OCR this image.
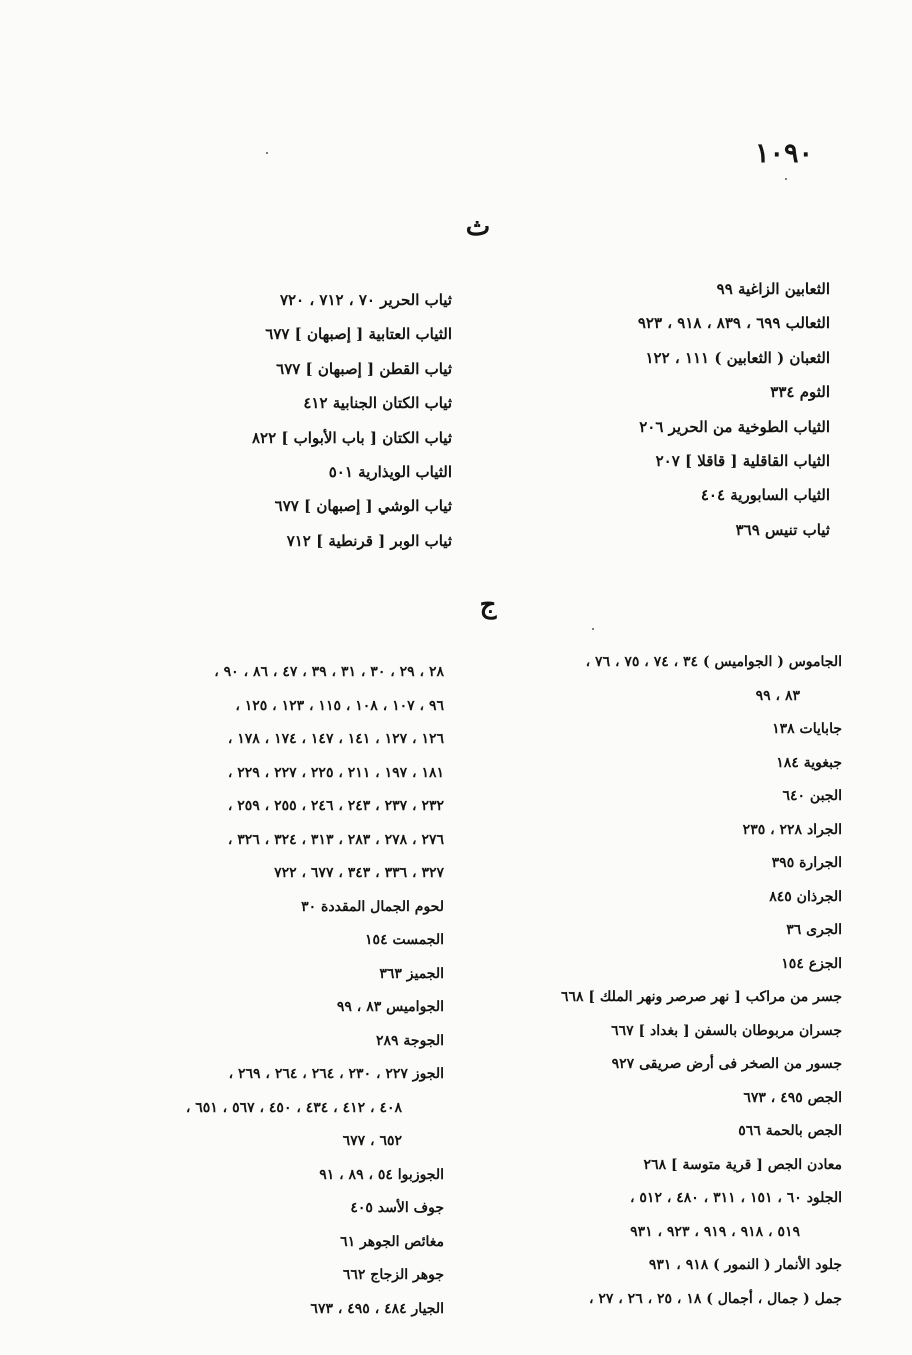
١٠٩٠
ث
الثعابين الزاغية ٩٩
الثعالب ٦٩٩ ، ٨٣٩ ، ٩١٨ ، ٩٢٣
الثعبان ( الثعابين ) ١١١ ، ١٢٢
الثوم ٣٣٤
الثياب الطوخية من الحرير ٢٠٦
الثياب القاقلية [ قاقلا ] ٢٠٧
الثياب السابورية ٤٠٤
ثياب تنيس ٣٦٩
ثياب الحرير ٧٠ ، ٧١٢ ، ٧٢٠
الثياب العتابية [ إصبهان ] ٦٧٧
ثياب القطن [ إصبهان ] ٦٧٧
ثياب الكتان الجنابية ٤١٢
ثياب الكتان [ باب الأبواب ] ٨٢٢
الثياب الويذارية ٥٠١
ثياب الوشي [ إصبهان ] ٦٧٧
ثياب الوبر [ قرنطية ] ٧١٢
ج
الجاموس ( الجواميس ) ٣٤ ، ٧٤ ، ٧٥ ، ٧٦ ،
٨٣ ، ٩٩
جابايات ١٣٨
جبغوية ١٨٤
الجبن ٦٤٠
الجراد ٢٢٨ ، ٢٣٥
الجرارة ٣٩٥
الجرذان ٨٤٥
الجرى ٣٦
الجزع ١٥٤
جسر من مراكب [ نهر صرصر ونهر الملك ] ٦٦٨
جسران مربوطان بالسفن [ بغداد ] ٦٦٧
جسور من الصخر فى أرض صريقى ٩٢٧
الجص ٤٩٥ ، ٦٧٣
الجص بالحمة ٥٦٦
معادن الجص [ قرية متوسة ] ٢٦٨
الجلود ٦٠ ، ١٥١ ، ٣١١ ، ٤٨٠ ، ٥١٢ ،
٥١٩ ، ٩١٨ ، ٩١٩ ، ٩٢٣ ، ٩٣١
جلود الأنمار ( النمور ) ٩١٨ ، ٩٣١
جمل ( جمال ، أجمال ) ١٨ ، ٢٥ ، ٢٦ ، ٢٧ ،
٢٨ ، ٢٩ ، ٣٠ ، ٣١ ، ٣٩ ، ٤٧ ، ٨٦ ، ٩٠ ،
٩٦ ، ١٠٧ ، ١٠٨ ، ١١٥ ، ١٢٣ ، ١٢٥ ،
١٢٦ ، ١٢٧ ، ١٤١ ، ١٤٧ ، ١٧٤ ، ١٧٨ ،
١٨١ ، ١٩٧ ، ٢١١ ، ٢٢٥ ، ٢٢٧ ، ٢٢٩ ،
٢٣٢ ، ٢٣٧ ، ٢٤٣ ، ٢٤٦ ، ٢٥٥ ، ٢٥٩ ،
٢٧٦ ، ٢٧٨ ، ٢٨٣ ، ٣١٣ ، ٣٢٤ ، ٣٢٦ ،
٣٢٧ ، ٣٣٦ ، ٣٤٣ ، ٦٧٧ ، ٧٢٢
لحوم الجمال المقددة ٣٠
الجمست ١٥٤
الجميز ٣٦٣
الجواميس ٨٣ ، ٩٩
الجوجة ٢٨٩
الجوز ٢٢٧ ، ٢٣٠ ، ٢٦٤ ، ٢٦٤ ، ٢٦٩ ،
٤٠٨ ، ٤١٢ ، ٤٣٤ ، ٤٥٠ ، ٥٦٧ ، ٦٥١ ،
٦٥٢ ، ٦٧٧
الجوزبوا ٥٤ ، ٨٩ ، ٩١
جوف الأسد ٤٠٥
مغائص الجوهر ٦١
جوهر الزجاج ٦٦٢
الجيار ٤٨٤ ، ٤٩٥ ، ٦٧٣
